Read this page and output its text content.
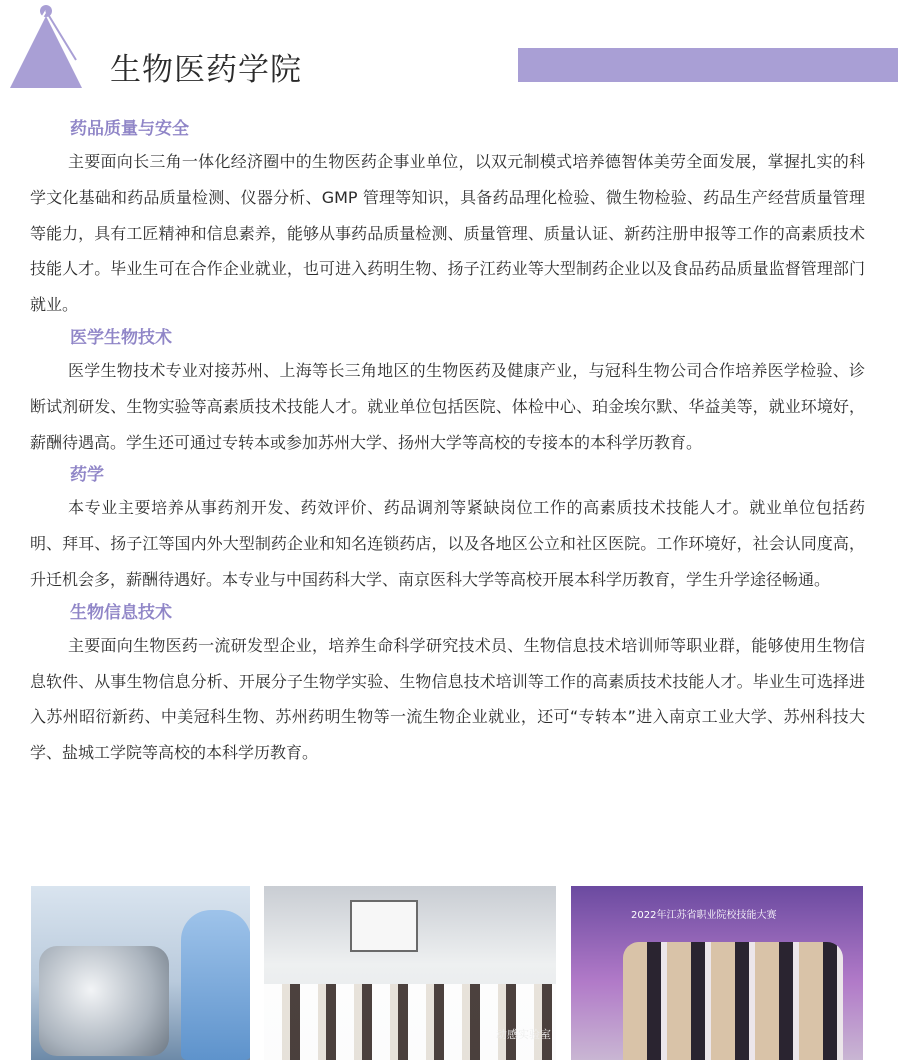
生物医药学院
药品质量与安全

主要面向长三角一体化经济圈中的生物医药企事业单位，以双元制模式培养德智体美劳全面发展，掌握扎实的科学文化基础和药品质量检测、仪器分析、GMP 管理等知识，具备药品理化检验、微生物检验、药品生产经营质量管理等能力，具有工匠精神和信息素养，能够从事药品质量检测、质量管理、质量认证、新药注册申报等工作的高素质技术技能人才。毕业生可在合作企业就业，也可进入药明生物、扬子江药业等大型制药企业以及食品药品质量监督管理部门就业。

医学生物技术

医学生物技术专业对接苏州、上海等长三角地区的生物医药及健康产业，与冠科生物公司合作培养医学检验、诊断试剂研发、生物实验等高素质技术技能人才。就业单位包括医院、体检中心、珀金埃尔默、华益美等，就业环境好，薪酬待遇高。学生还可通过专转本或参加苏州大学、扬州大学等高校的专接本的本科学历教育。

药学

本专业主要培养从事药剂开发、药效评价、药品调剂等紧缺岗位工作的高素质技术技能人才。就业单位包括药明、拜耳、扬子江等国内外大型制药企业和知名连锁药店，以及各地区公立和社区医院。工作环境好，社会认同度高，升迁机会多，薪酬待遇好。本专业与中国药科大学、南京医科大学等高校开展本科学历教育，学生升学途径畅通。

生物信息技术

主要面向生物医药一流研发型企业，培养生命科学研究技术员、生物信息技术培训师等职业群，能够使用生物信息软件、从事生物信息分析、开展分子生物学实验、生物信息技术培训等工作的高素质技术技能人才。毕业生可选择进入苏州昭衍新药、中美冠科生物、苏州药明生物等一流生物企业就业，还可“专转本”进入南京工业大学、苏州科技大学、盐城工学院等高校的本科学历教育。

动感实验室
2022年江苏省职业院校技能大赛
